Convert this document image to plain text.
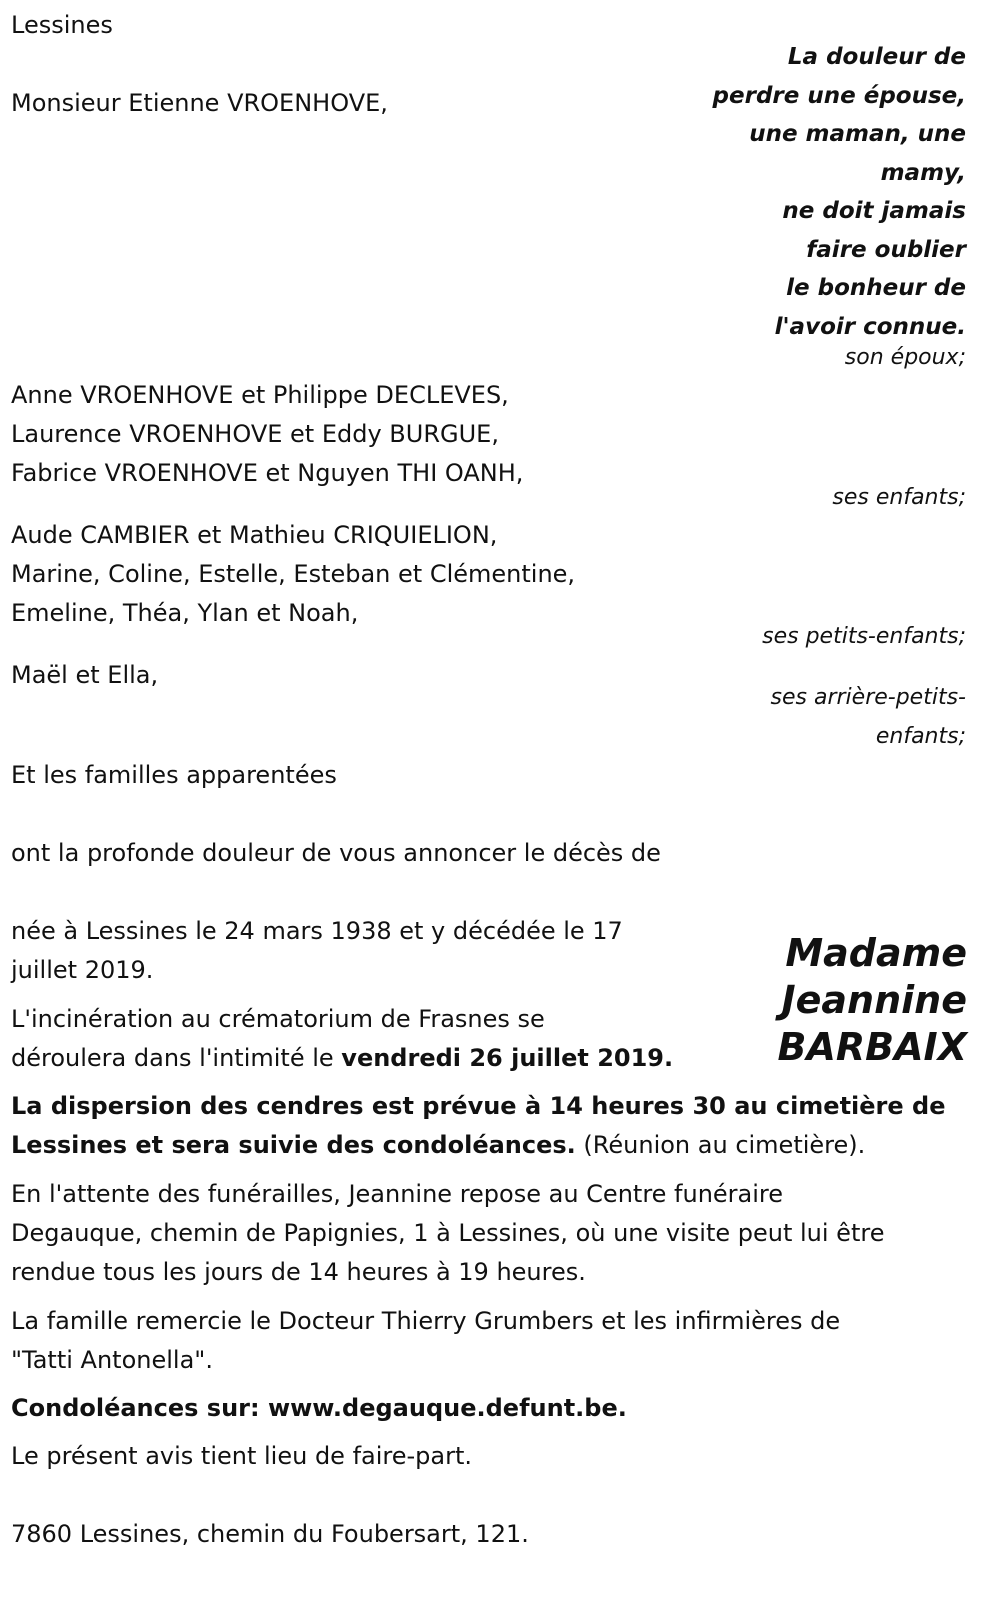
Lessines
Monsieur Etienne VROENHOVE,
La douleur de
perdre une épouse,
une maman, une
mamy,
ne doit jamais
faire oublier
le bonheur de
l'avoir connue.
son époux;
Anne VROENHOVE et Philippe DECLEVES,
Laurence VROENHOVE et Eddy BURGUE,
Fabrice VROENHOVE et Nguyen THI OANH,
ses enfants;
Aude CAMBIER et Mathieu CRIQUIELION,
Marine, Coline, Estelle, Esteban et Clémentine,
Emeline, Théa, Ylan et Noah,
ses petits-enfants;
Maël et Ella,
ses arrière-petits-
enfants;
Et les familles apparentées
ont la profonde douleur de vous annoncer le décès de
Madame
Jeannine
BARBAIX
née à Lessines le 24 mars 1938 et y décédée le 17
juillet 2019.
L'incinération au crématorium de Frasnes se
déroulera dans l'intimité le vendredi 26 juillet 2019.
La dispersion des cendres est prévue à 14 heures 30 au cimetière de
Lessines et sera suivie des condoléances. (Réunion au cimetière).
En l'attente des funérailles, Jeannine repose au Centre funéraire
Degauque, chemin de Papignies, 1 à Lessines, où une visite peut lui être
rendue tous les jours de 14 heures à 19 heures.
La famille remercie le Docteur Thierry Grumbers et les infirmières de
"Tatti Antonella".
Condoléances sur: www.degauque.defunt.be.
Le présent avis tient lieu de faire-part.
7860 Lessines, chemin du Foubersart, 121.
